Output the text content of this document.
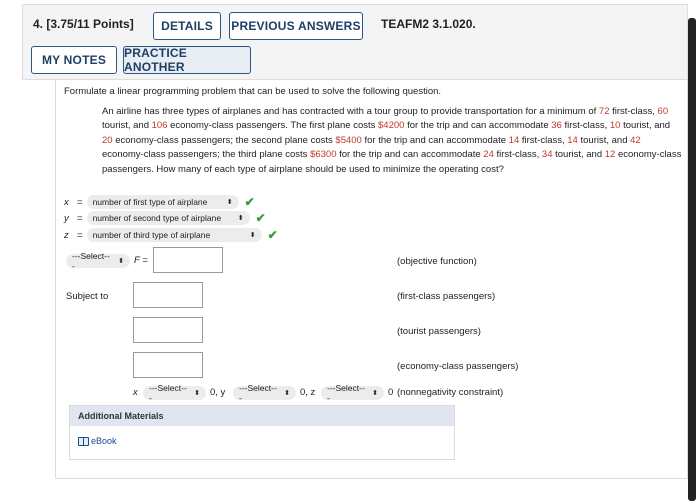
4. [3.75/11 Points]	DETAILS	PREVIOUS ANSWERS TEAFM2 3.1.020.
MY NOTES	PRACTICE ANOTHER
Formulate a linear programming problem that can be used to solve the following question.

An airline has three types of airplanes and has contracted with a tour group to provide transportation for a minimum of 72 first-class, 60 tourist, and 106 economy-class passengers. The first plane costs $4200 for the trip and can accommodate 36 first-class, 10 tourist, and 20 economy-class passengers; the second plane costs $5400 for the trip and can accommodate 14 first-class, 14 tourist, and 42 economy-class passengers; the third plane costs $6300 for the trip and can accommodate 24 first-class, 34 tourist, and 12 economy-class passengers. How many of each type of airplane should be used to minimize the operating cost?

x = number of first type of airplane	⬍ ✔
y = number of second type of airplane ⬍ ✔
z = number of third type of airplane	⬍ ✔
---Select---	⬍ F =	(objective function)
Subject to	(first-class passengers)
(tourist passengers)
(economy-class passengers)
x ---Select---	⬍ 0, y ---Select---	⬍ 0, z ---Select---	⬍ 0 (nonnegativity constraint)
Additional Materials
eBook
